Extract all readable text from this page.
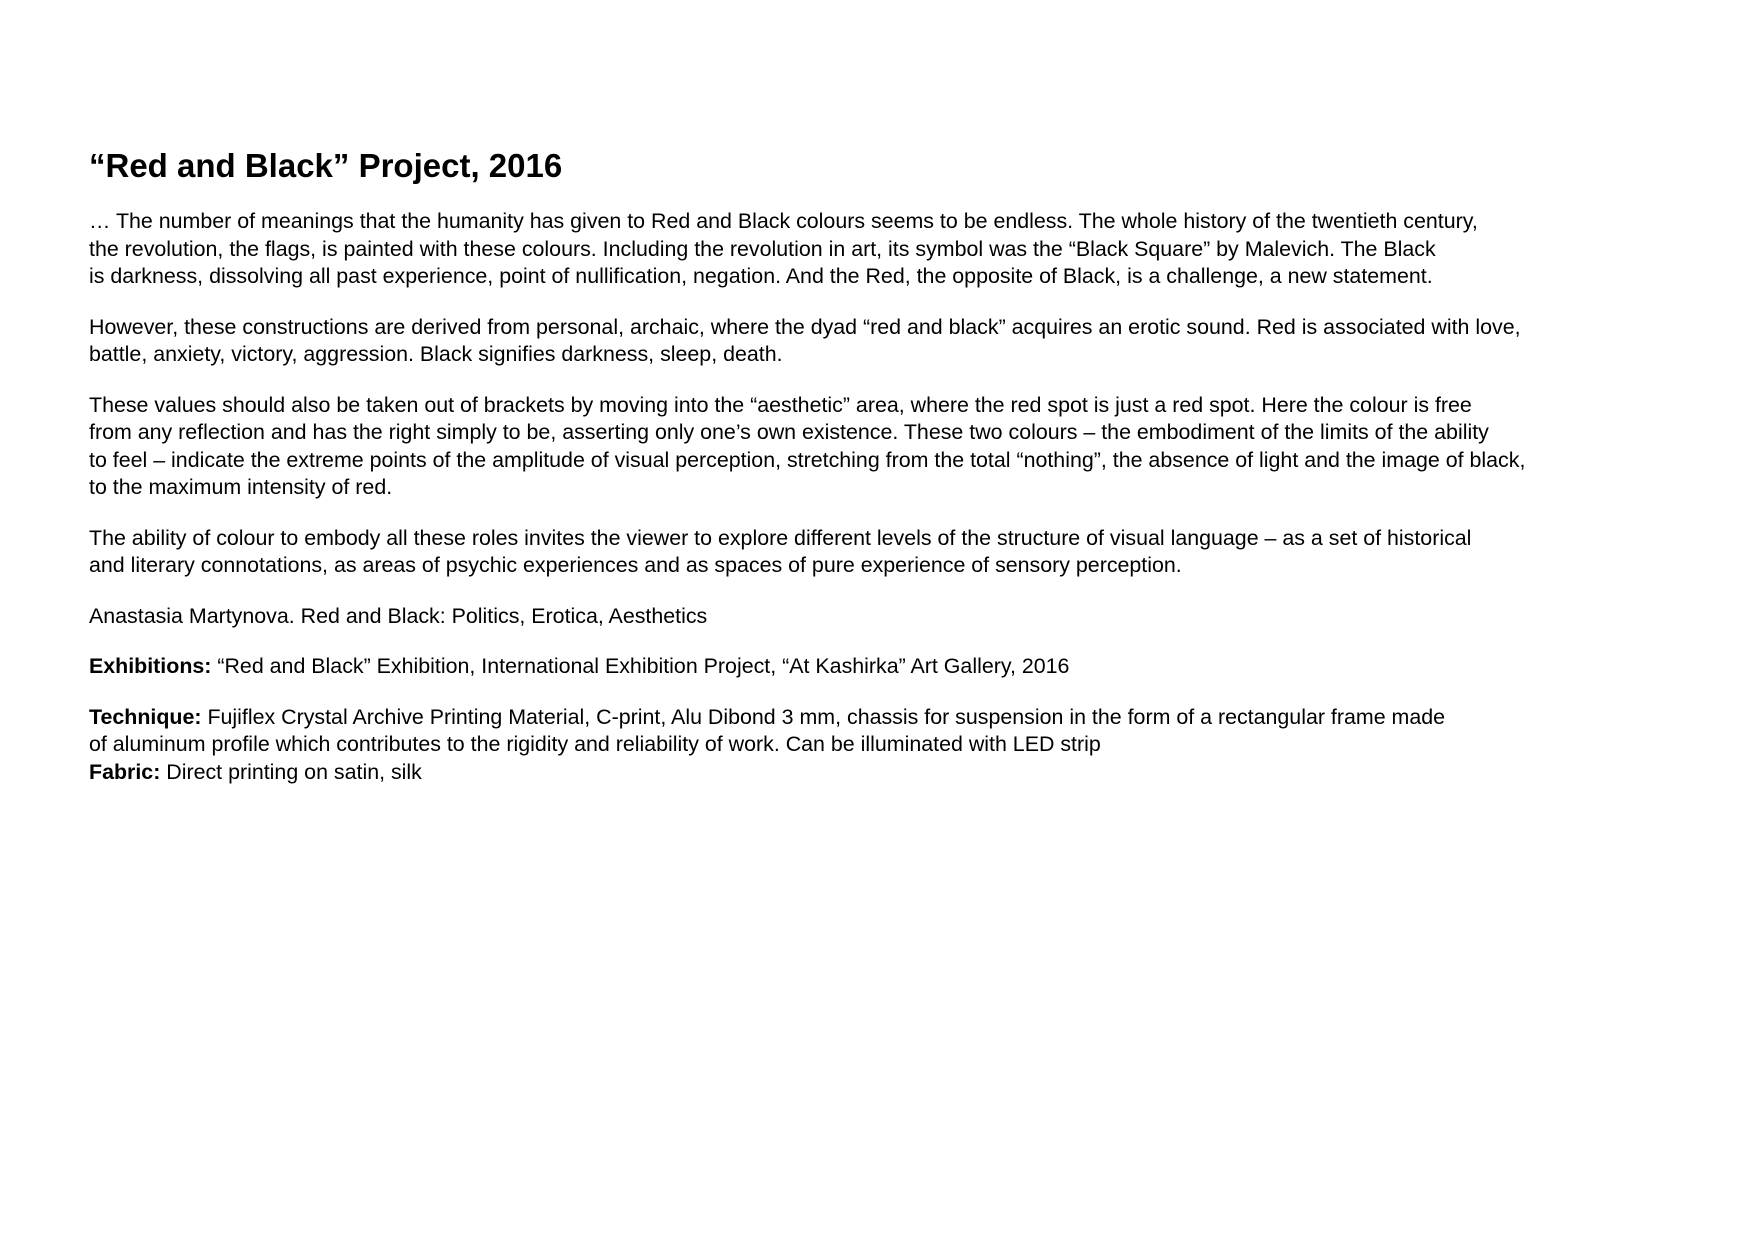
“Red and Black” Project, 2016
… The number of meanings that the humanity has given to Red and Black colours seems to be endless. The whole history of the twentieth century,
the revolution, the flags, is painted with these colours. Including the revolution in art, its symbol was the “Black Square” by Malevich. The Black
is darkness, dissolving all past experience, point of nullification, negation. And the Red, the opposite of Black, is a challenge, a new statement.
However, these constructions are derived from personal, archaic, where the dyad “red and black” acquires an erotic sound. Red is associated with love,
battle, anxiety, victory, aggression. Black signifies darkness, sleep, death.
These values should also be taken out of brackets by moving into the “aesthetic” area, where the red spot is just a red spot. Here the colour is free
from any reflection and has the right simply to be, asserting only one’s own existence. These two colours – the embodiment of the limits of the ability
to feel – indicate the extreme points of the amplitude of visual perception, stretching from the total “nothing”, the absence of light and the image of black,
to the maximum intensity of red.
The ability of colour to embody all these roles invites the viewer to explore different levels of the structure of visual language – as a set of historical
and literary connotations, as areas of psychic experiences and as spaces of pure experience of sensory perception.
Anastasia Martynova. Red and Black: Politics, Erotica, Aesthetics
Exhibitions: “Red and Black” Exhibition, International Exhibition Project, “At Kashirka” Art Gallery, 2016
Technique: Fujiflex Crystal Archive Printing Material, C-print, Alu Dibond 3 mm, chassis for suspension in the form of a rectangular frame made
of aluminum profile which contributes to the rigidity and reliability of work. Can be illuminated with LED strip
Fabric: Direct printing on satin, silk
